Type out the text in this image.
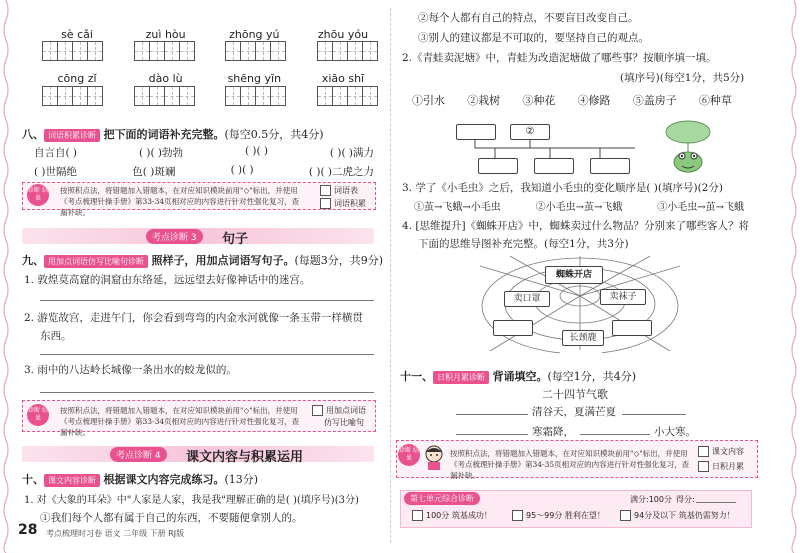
sè cǎi	zuì hòu	zhōng yú	zhōu yóu
cōng zǐ	dào lù	shēng yīn	xiāo shī
八、 词语积累诊断 把下面的词语补充完整。(每空0.5分，共4分)
自言自( )	( )( )勃勃	( )( )	( )( )满力
( )世隔绝	色( )斑斓	( )( )	( )( )二虎之力
诊断 结果
按照积点法，将错题加入错题本，在对应知识模块前用"◇"标出，并使用《考点梳理针操手册》第33-34页相对应的内容进行针对性强化复习，查漏补缺。
词语表
词语积累
考点诊断 3	句子
九、 用加点词语仿写比喻句诊断 照样子，用加点词语写句子。(每题3分，共9分)
1. 敦煌莫高窟的洞窟由东络延，远远望去好像神话中的迷宫。
2. 游览故宫，走进午门，你会看到弯弯的内金水河就像一条玉带一样横贯
东西。
3. 雨中的八达岭长城像一条出水的蛟龙似的。
诊断 结果
按照积点法，将错题加入错题本，在对应知识模块前用"◇"标出，并使用《考点梳理针操手册》第33-34页相对应的内容进行针对性强化复习，查漏补缺。
用加点词语
仿写比喻句
考点诊断 4	课文内容与积累运用
十、 课文内容诊断 根据课文内容完成练习。(13分)
1. 对《大象的耳朵》中"人家是人家，我是我"理解正确的是( )(填序号)(3分)
①我们每个人都有属于自己的东西，不要随便拿别人的。
28 考点梳理时习卷 语文 二年级 下册 RJ版
②每个人都有自己的特点，不要盲目改变自己。
③别人的建议都是不可取的，要坚持自己的观点。
2.《青蛙卖泥塘》中，青蛙为改造泥塘做了哪些事？按顺序填一填。
(填序号)(每空1分，共5分)
①引水 ②栽树 ③种花 ④修路 ⑤盖房子 ⑥种草
②
3. 学了《小毛虫》之后，我知道小毛虫的变化顺序是( )(填序号)(2分)
①茧→飞蛾→小毛虫	②小毛虫→茧→飞蛾	③小毛虫→茧→飞蛾
4. [思维提升]《蜘蛛开店》中，蜘蛛卖过什么物品？分别来了哪些客人？将
下面的思维导图补充完整。(每空1分，共3分)
蜘蛛开店
卖口罩	卖袜子
长颈鹿
十一、 日积月累诊断 背诵填空。(每空1分，共4分)
二十四节气歌
清谷天，夏满芒夏
寒霜降，	小大寒。
诊断 结果
按照积点法，将错题加入错题本，在对应知识模块前用"◇"标出，并使用《考点梳理针操手册》第34-35页相对应的内容进行针对性强化复习，查漏补缺。
课文内容
日积月累
第七单元综合诊断	满分:100分 得分:
100分 筑基成功！	95～99分 胜利在望！	94分及以下 筑基仍需努力！
